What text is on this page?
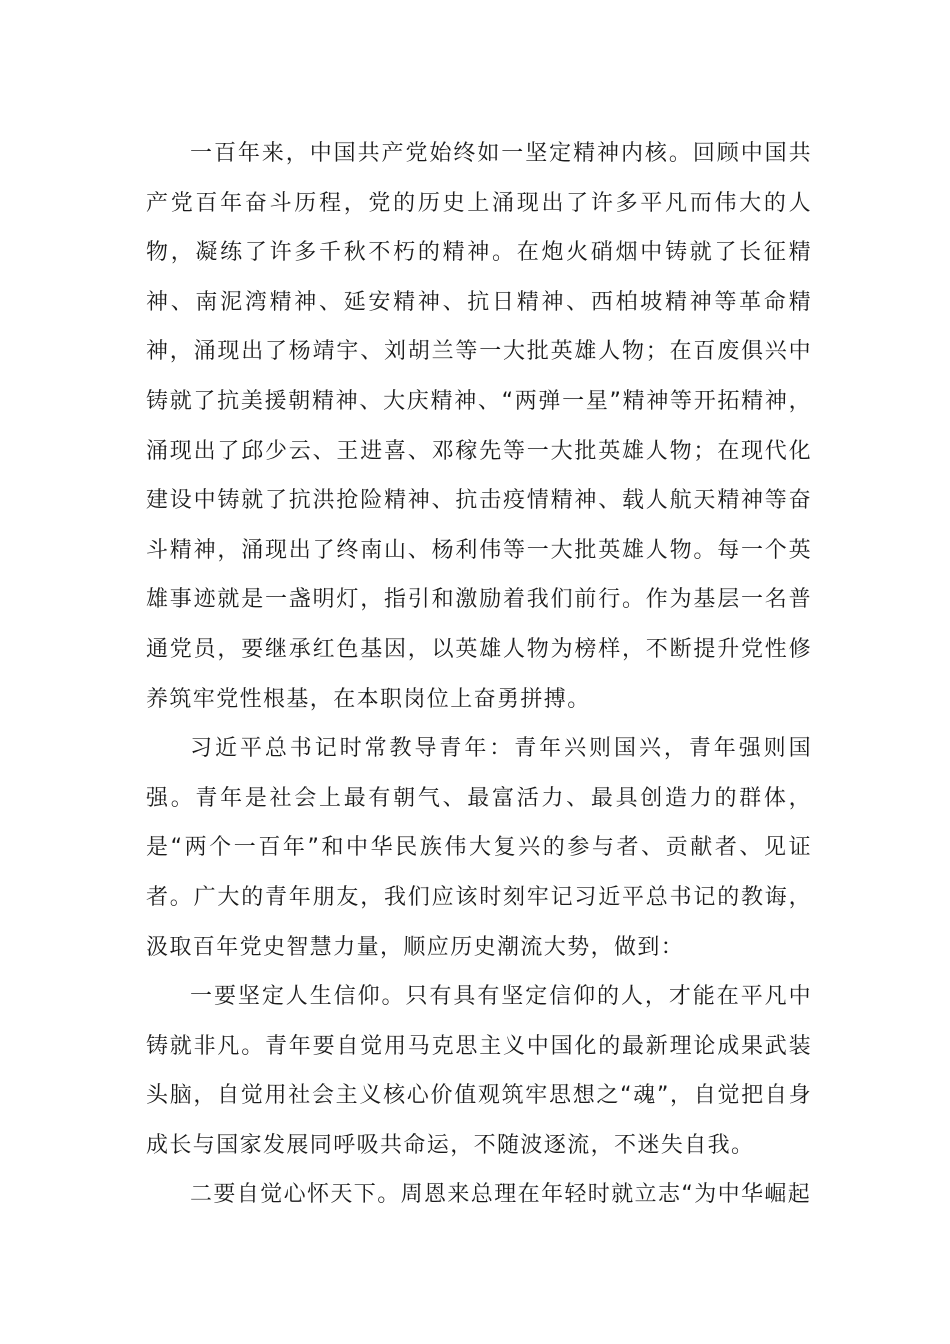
一百年来，中国共产党始终如一坚定精神内核。回顾中国共产党百年奋斗历程，党的历史上涌现出了许多平凡而伟大的人物，凝练了许多千秋不朽的精神。在炮火硝烟中铸就了长征精神、南泥湾精神、延安精神、抗日精神、西柏坡精神等革命精神，涌现出了杨靖宇、刘胡兰等一大批英雄人物；在百废俱兴中铸就了抗美援朝精神、大庆精神、“两弹一星”精神等开拓精神，涌现出了邱少云、王进喜、邓稼先等一大批英雄人物；在现代化建设中铸就了抗洪抢险精神、抗击疫情精神、载人航天精神等奋斗精神，涌现出了终南山、杨利伟等一大批英雄人物。每一个英雄事迹就是一盏明灯，指引和激励着我们前行。作为基层一名普通党员，要继承红色基因，以英雄人物为榜样，不断提升党性修养筑牢党性根基，在本职岗位上奋勇拼搏。

习近平总书记时常教导青年：青年兴则国兴，青年强则国强。青年是社会上最有朝气、最富活力、最具创造力的群体，是“两个一百年”和中华民族伟大复兴的参与者、贡献者、见证者。广大的青年朋友，我们应该时刻牢记习近平总书记的教诲，汲取百年党史智慧力量，顺应历史潮流大势，做到：

一要坚定人生信仰。只有具有坚定信仰的人，才能在平凡中铸就非凡。青年要自觉用马克思主义中国化的最新理论成果武装头脑，自觉用社会主义核心价值观筑牢思想之“魂”，自觉把自身成长与国家发展同呼吸共命运，不随波逐流，不迷失自我。

二要自觉心怀天下。周恩来总理在年轻时就立志“为中华崛起
